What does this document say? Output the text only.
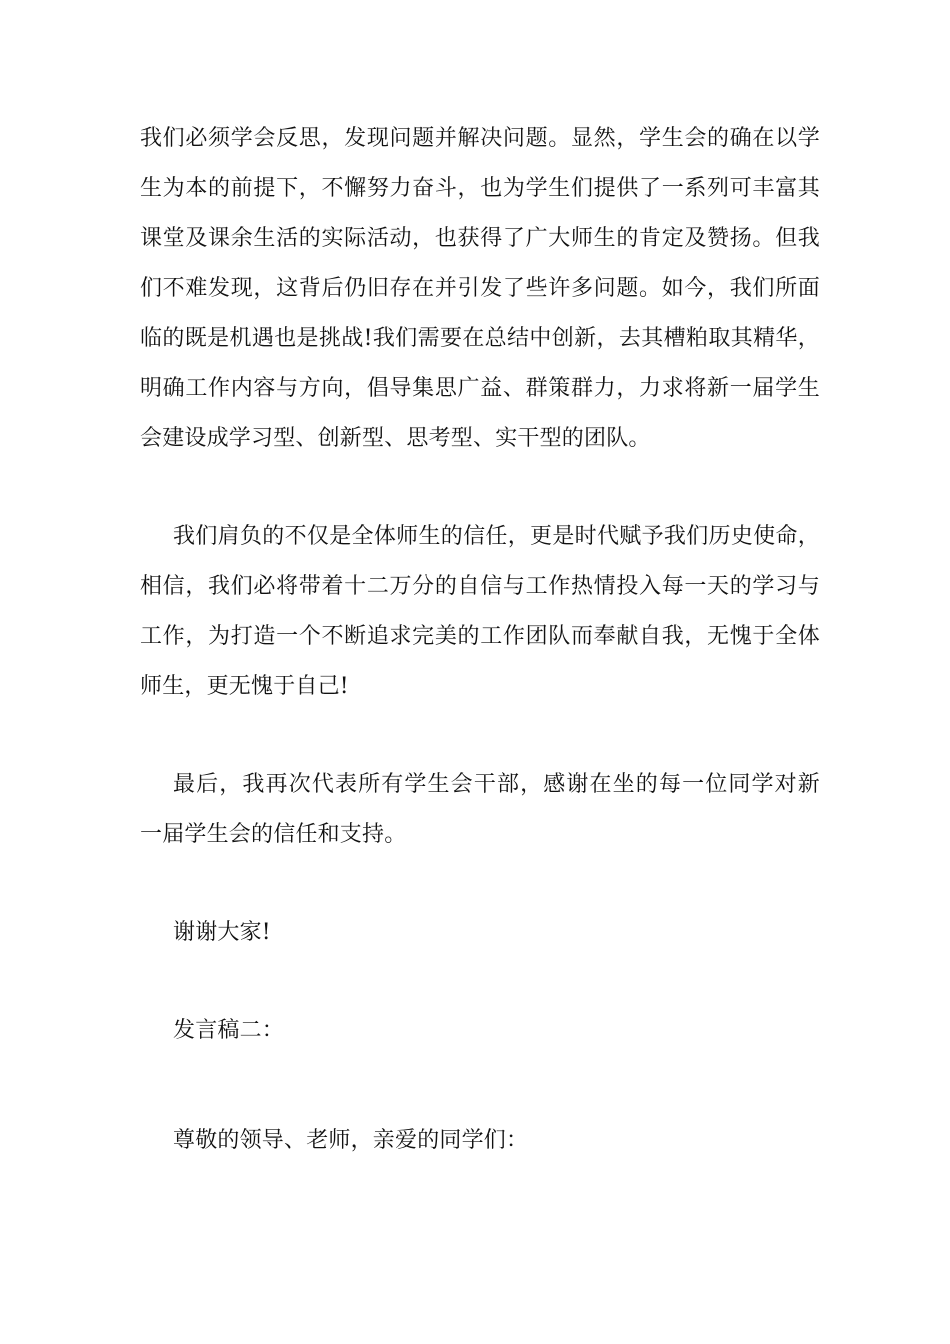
我们必须学会反思，发现问题并解决问题。显然，学生会的确在以学
生为本的前提下，不懈努力奋斗，也为学生们提供了一系列可丰富其
课堂及课余生活的实际活动，也获得了广大师生的肯定及赞扬。但我
们不难发现，这背后仍旧存在并引发了些许多问题。如今，我们所面
临的既是机遇也是挑战!我们需要在总结中创新，去其槽粕取其精华，
明确工作内容与方向，倡导集思广益、群策群力，力求将新一届学生
会建设成学习型、创新型、思考型、实干型的团队。
我们肩负的不仅是全体师生的信任，更是时代赋予我们历史使命，
相信，我们必将带着十二万分的自信与工作热情投入每一天的学习与
工作，为打造一个不断追求完美的工作团队而奉献自我，无愧于全体
师生，更无愧于自己!
最后，我再次代表所有学生会干部，感谢在坐的每一位同学对新
一届学生会的信任和支持。
谢谢大家!
发言稿二：
尊敬的领导、老师，亲爱的同学们：
